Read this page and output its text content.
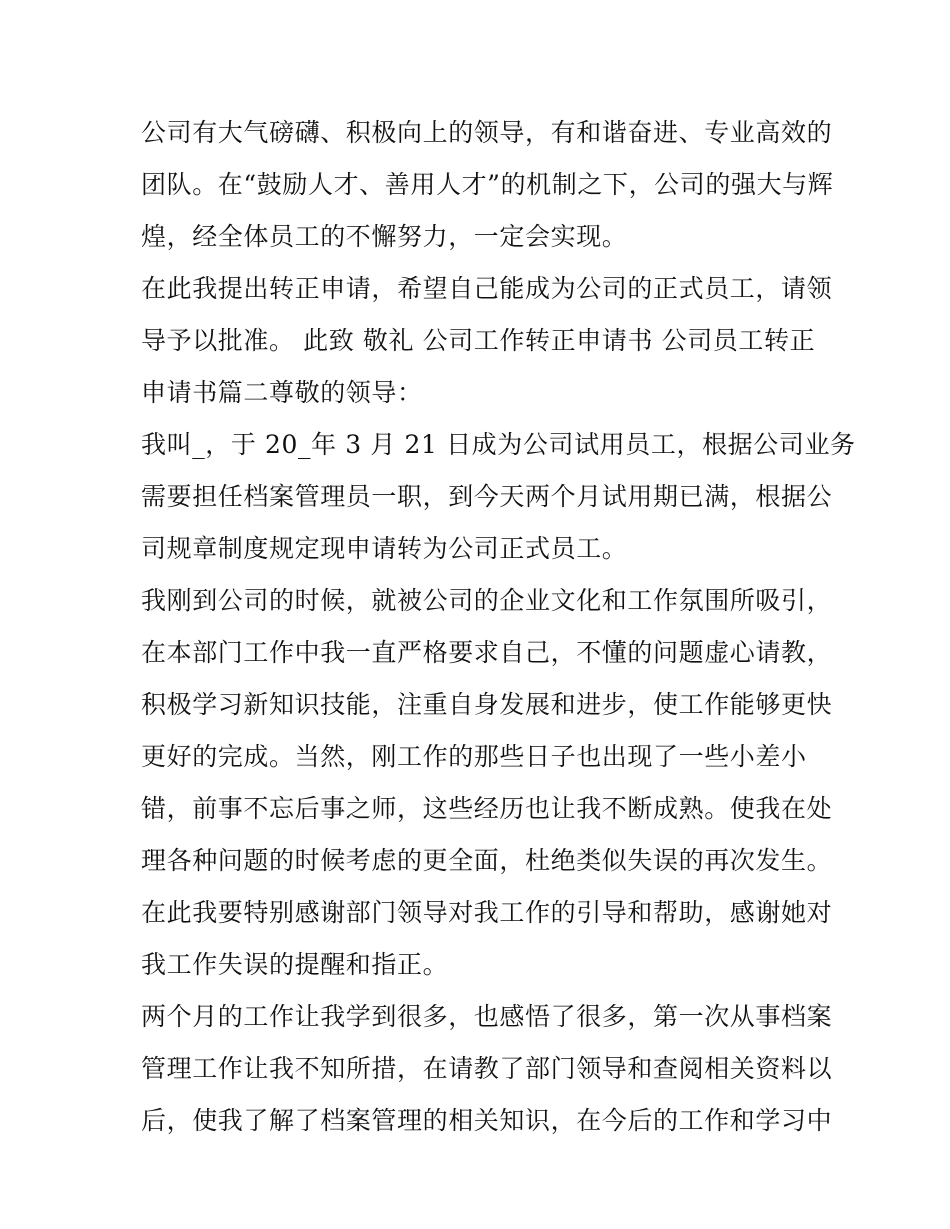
公司有大气磅礴、积极向上的领导，有和谐奋进、专业高效的
团队。在“鼓励人才、善用人才”的机制之下，公司的强大与辉
煌，经全体员工的不懈努力，一定会实现。
在此我提出转正申请，希望自己能成为公司的正式员工，请领
导予以批准。 此致 敬礼 公司工作转正申请书 公司员工转正
申请书篇二尊敬的领导：
我叫_，于 20_年 3 月 21 日成为公司试用员工，根据公司业务
需要担任档案管理员一职，到今天两个月试用期已满，根据公
司规章制度规定现申请转为公司正式员工。
我刚到公司的时候，就被公司的企业文化和工作氛围所吸引，
在本部门工作中我一直严格要求自己，不懂的问题虚心请教，
积极学习新知识技能，注重自身发展和进步，使工作能够更快
更好的完成。当然，刚工作的那些日子也出现了一些小差小
错，前事不忘后事之师，这些经历也让我不断成熟。使我在处
理各种问题的时候考虑的更全面，杜绝类似失误的再次发生。
在此我要特别感谢部门领导对我工作的引导和帮助，感谢她对
我工作失误的提醒和指正。
两个月的工作让我学到很多，也感悟了很多，第一次从事档案
管理工作让我不知所措，在请教了部门领导和查阅相关资料以
后，使我了解了档案管理的相关知识，在今后的工作和学习中
